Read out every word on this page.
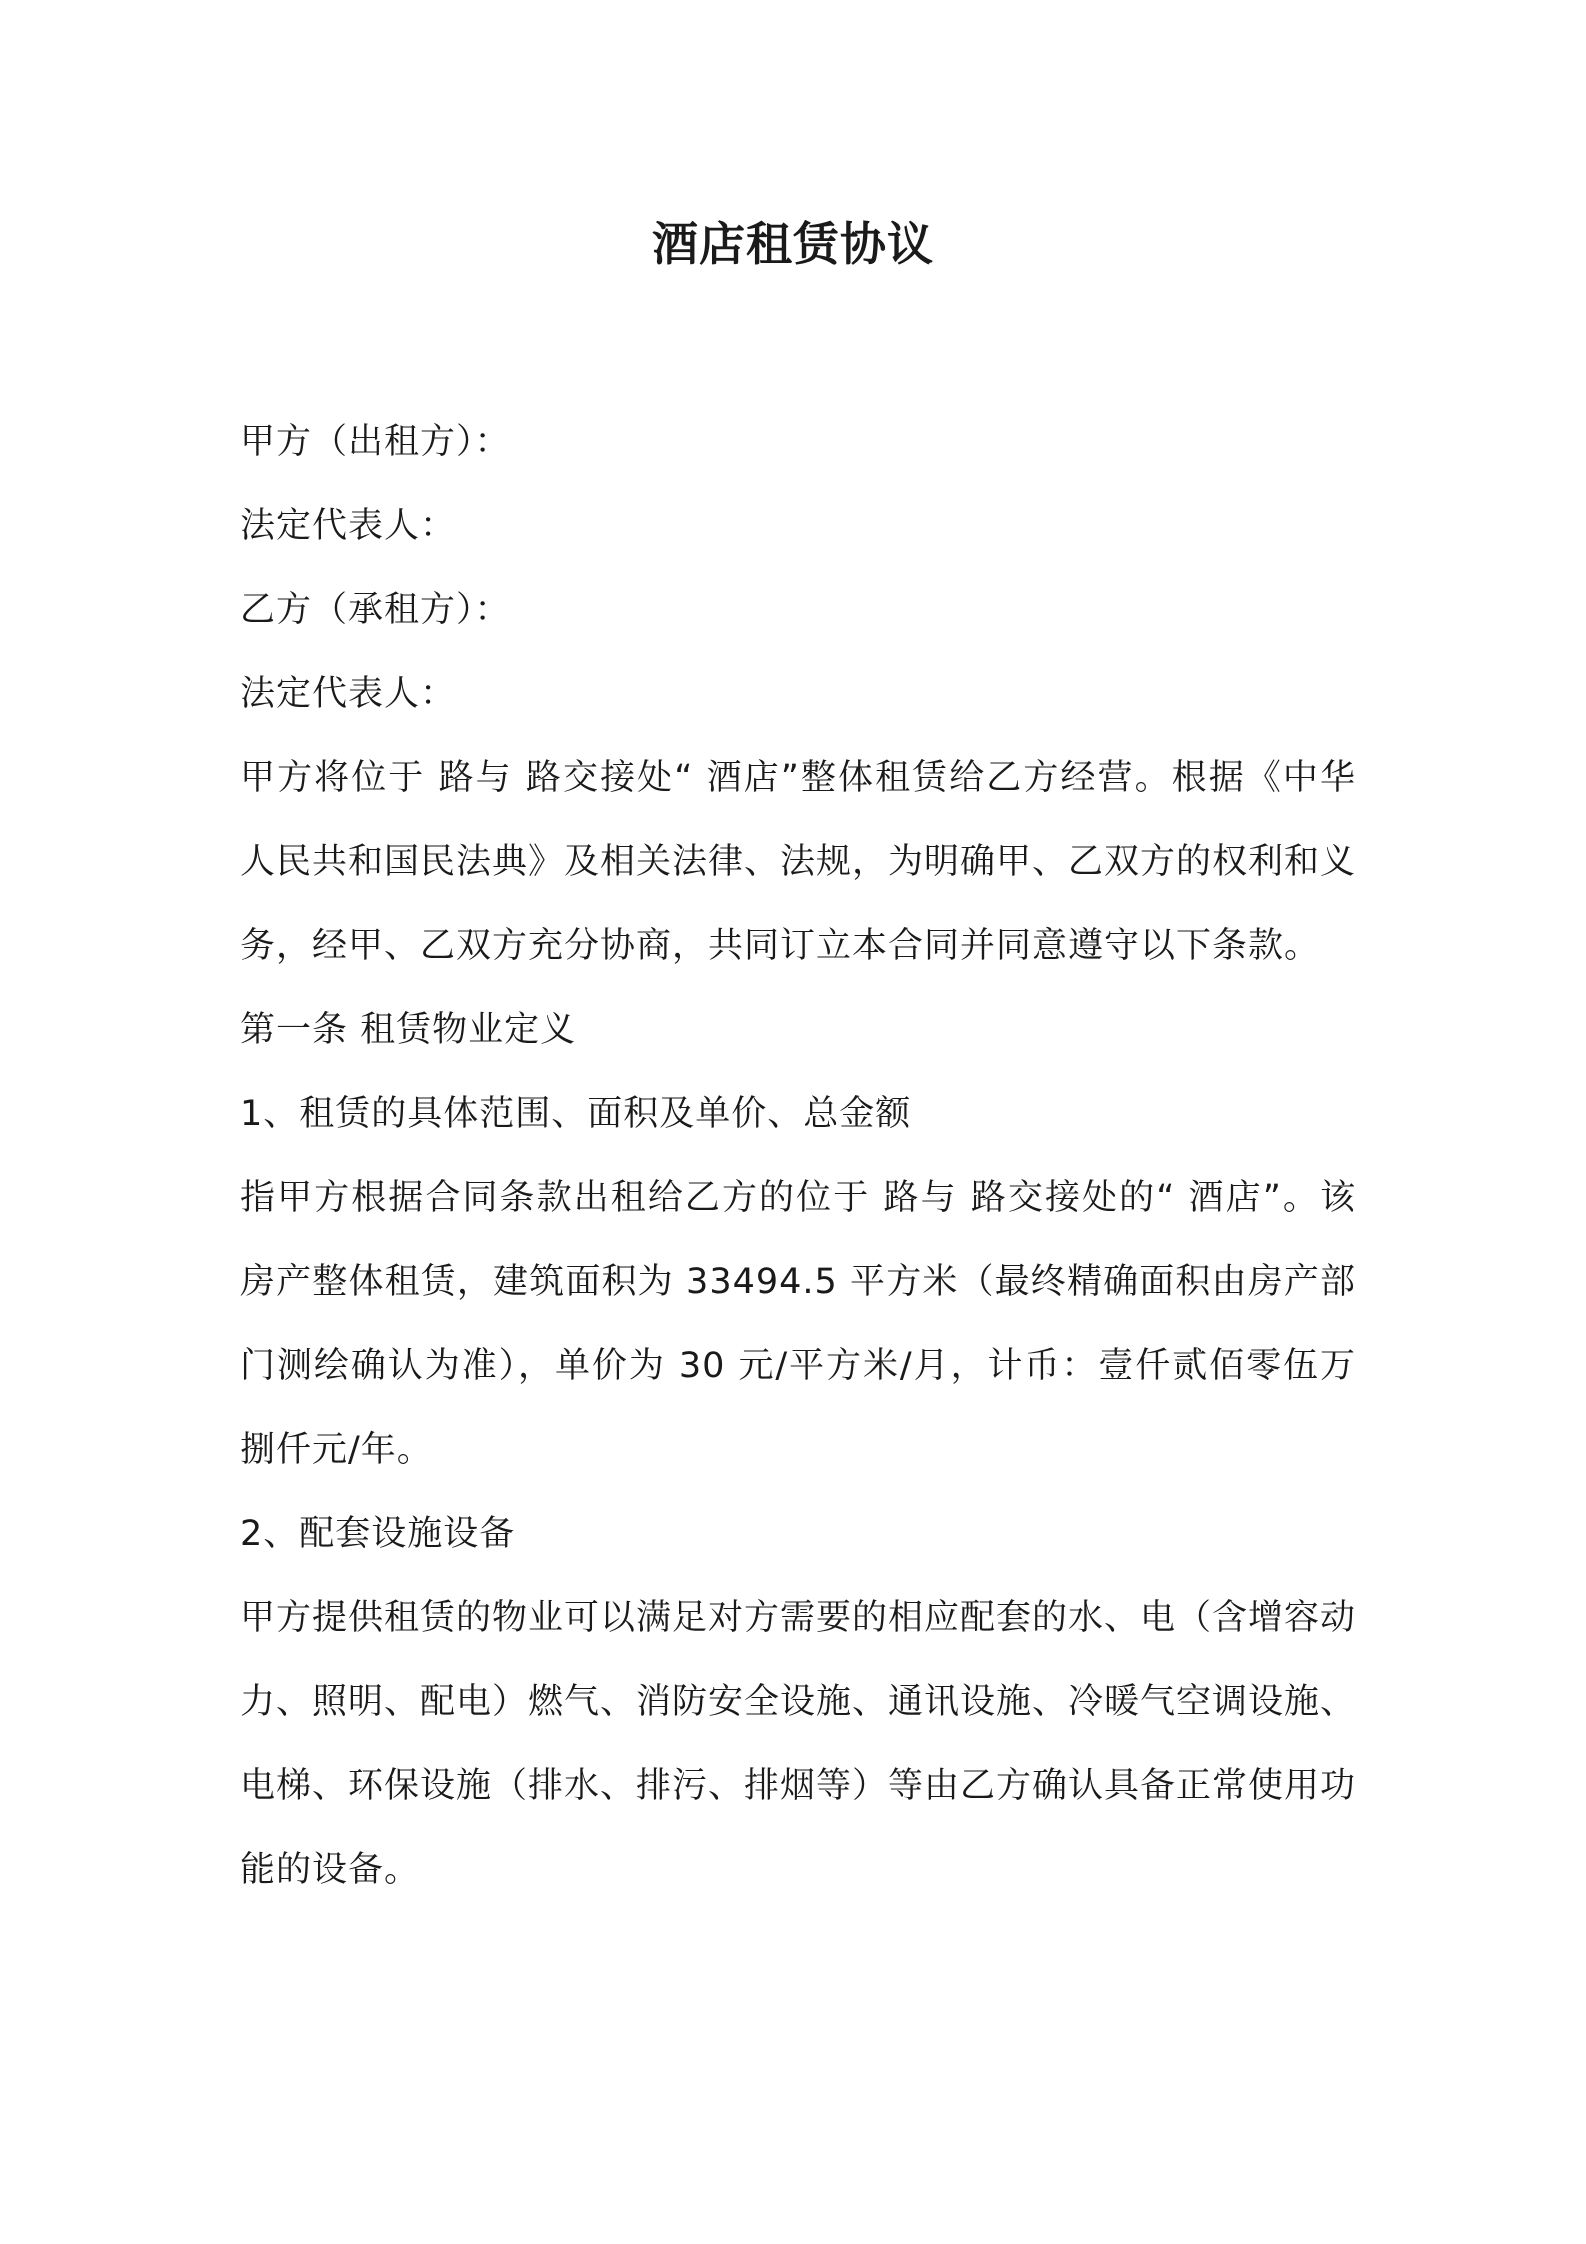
酒店租赁协议

甲方（出租方）：

法定代表人：

乙方（承租方）：

法定代表人：

甲方将位于 路与 路交接处“ 酒店”整体租赁给乙方经营。根据《中华人民共和国民法典》及相关法律、法规，为明确甲、乙双方的权利和义务，经甲、乙双方充分协商，共同订立本合同并同意遵守以下条款。

第一条 租赁物业定义

1、租赁的具体范围、面积及单价、总金额

指甲方根据合同条款出租给乙方的位于 路与 路交接处的“ 酒店”。该房产整体租赁，建筑面积为 33494.5 平方米（最终精确面积由房产部门测绘确认为准），单价为 30 元/平方米/月，计币：壹仟贰佰零伍万捌仟元/年。

2、配套设施设备

甲方提供租赁的物业可以满足对方需要的相应配套的水、电（含增容动力、照明、配电）燃气、消防安全设施、通讯设施、冷暖气空调设施、电梯、环保设施（排水、排污、排烟等）等由乙方确认具备正常使用功能的设备。
